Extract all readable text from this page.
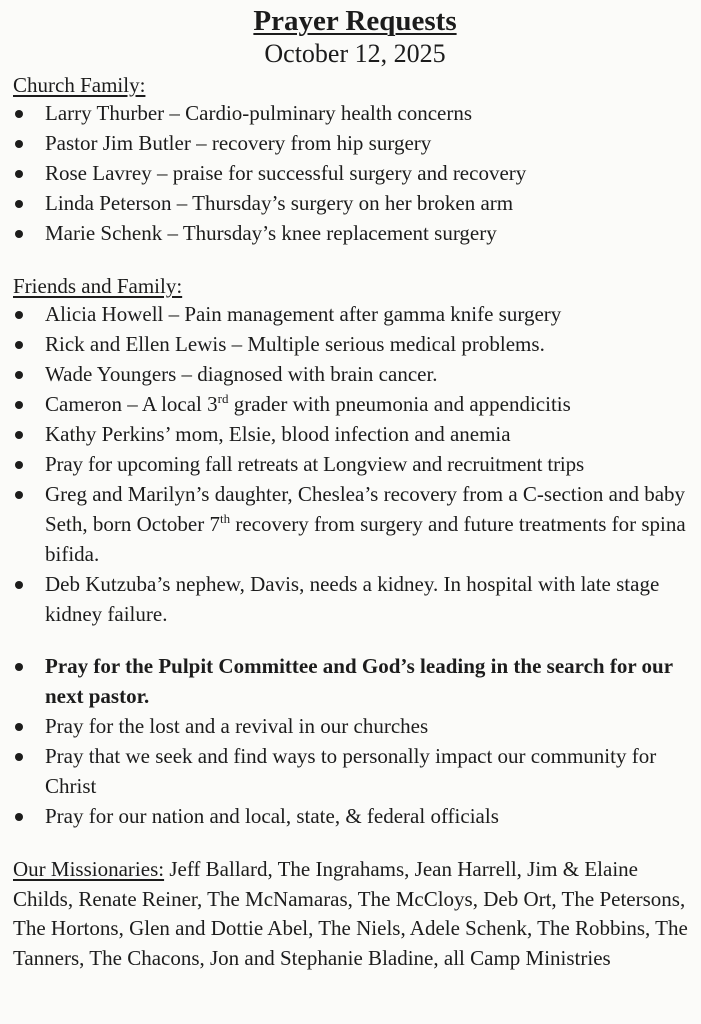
Prayer Requests
October 12, 2025
Church Family:
Larry Thurber – Cardio-pulminary health concerns
Pastor Jim Butler – recovery from hip surgery
Rose Lavrey – praise for successful surgery and recovery
Linda Peterson – Thursday’s surgery on her broken arm
Marie Schenk – Thursday’s knee replacement surgery
Friends and Family:
Alicia Howell – Pain management after gamma knife surgery
Rick and Ellen Lewis – Multiple serious medical problems.
Wade Youngers – diagnosed with brain cancer.
Cameron – A local 3rd grader with pneumonia and appendicitis
Kathy Perkins’ mom, Elsie, blood infection and anemia
Pray for upcoming fall retreats at Longview and recruitment trips
Greg and Marilyn’s daughter, Cheslea’s recovery from a C-section and baby Seth, born October 7th recovery from surgery and future treatments for spina bifida.
Deb Kutzuba’s nephew, Davis, needs a kidney. In hospital with late stage kidney failure.
Pray for the Pulpit Committee and God’s leading in the search for our next pastor.
Pray for the lost and a revival in our churches
Pray that we seek and find ways to personally impact our community for Christ
Pray for our nation and local, state, & federal officials
Our Missionaries: Jeff Ballard, The Ingrahams, Jean Harrell, Jim & Elaine Childs, Renate Reiner, The McNamaras, The McCloys, Deb Ort, The Petersons, The Hortons, Glen and Dottie Abel, The Niels, Adele Schenk, The Robbins, The Tanners, The Chacons, Jon and Stephanie Bladine, all Camp Ministries
